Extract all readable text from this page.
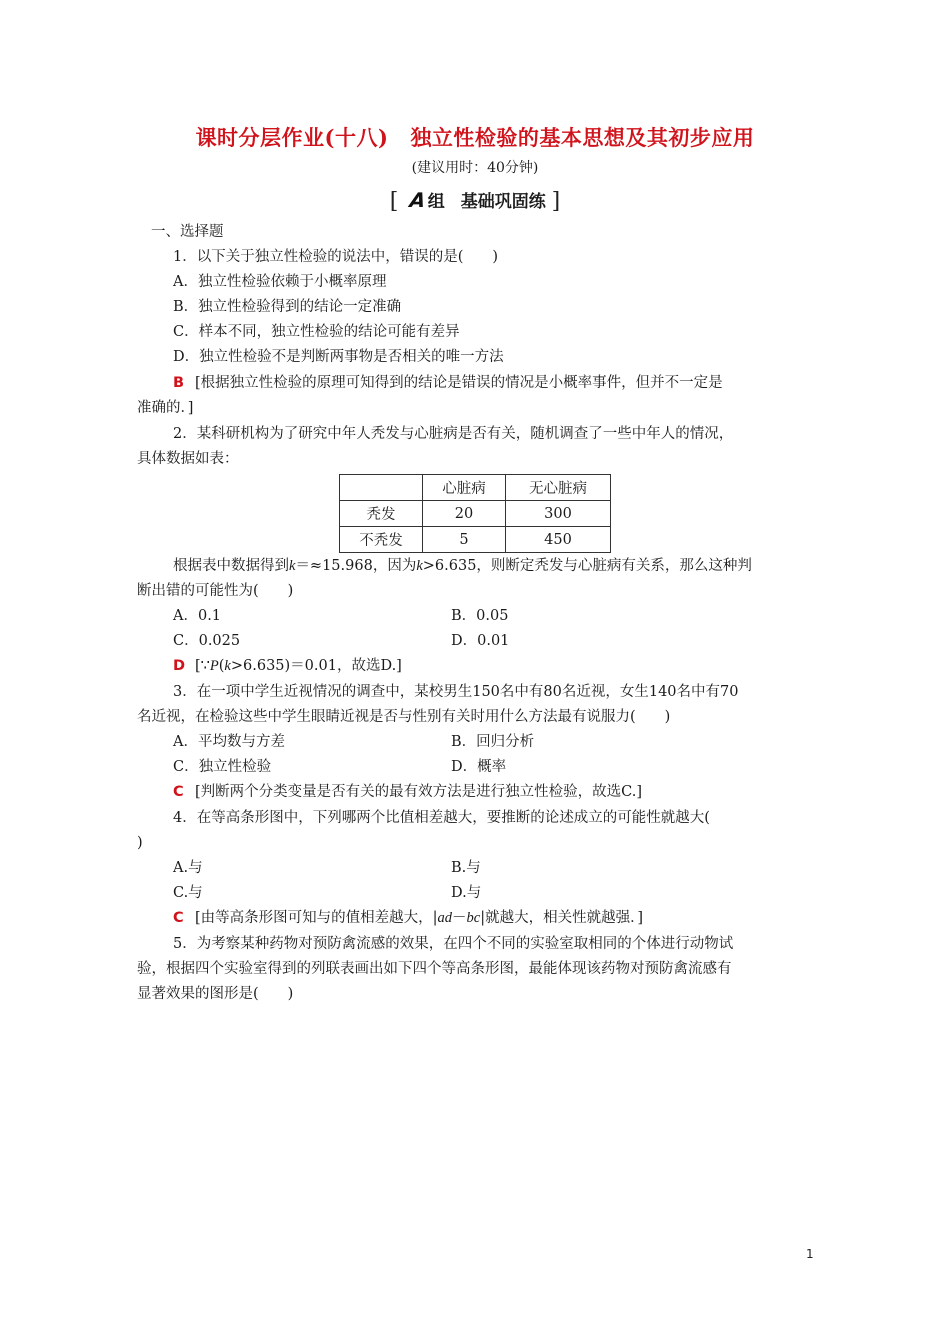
课时分层作业(十八) 独立性检验的基本思想及其初步应用
(建议用时：40分钟)
[ A组 基础巩固练 ]
一、选择题
1．以下关于独立性检验的说法中，错误的是(　　)
A．独立性检验依赖于小概率原理
B．独立性检验得到的结论一定准确
C．样本不同，独立性检验的结论可能有差异
D．独立性检验不是判断两事物是否相关的唯一方法
B [根据独立性检验的原理可知得到的结论是错误的情况是小概率事件，但并不一定是
准确的．]
2．某科研机构为了研究中年人秃发与心脏病是否有关，随机调查了一些中年人的情况，
具体数据如表：
	心脏病	无心脏病
秃发	20	300
不秃发	5	450
根据表中数据得到k＝≈15.968，因为k>6.635，则断定秃发与心脏病有关系，那么这种判
断出错的可能性为(　　)
A．0.1	B．0.05
C．0.025	D．0.01
D [∵P(k>6.635)＝0.01，故选D.]
3．在一项中学生近视情况的调查中，某校男生150名中有80名近视，女生140名中有70
名近视，在检验这些中学生眼睛近视是否与性别有关时用什么方法最有说服力(　　)
A．平均数与方差	B．回归分析
C．独立性检验	D．概率
C [判断两个分类变量是否有关的最有效方法是进行独立性检验，故选C.]
4．在等高条形图中，下列哪两个比值相差越大，要推断的论述成立的可能性就越大(
)
A.与	B.与
C.与	D.与
C [由等高条形图可知与的值相差越大，|ad－bc|就越大，相关性就越强．]
5．为考察某种药物对预防禽流感的效果，在四个不同的实验室取相同的个体进行动物试
验，根据四个实验室得到的列联表画出如下四个等高条形图，最能体现该药物对预防禽流感有
显著效果的图形是(　　)
1
